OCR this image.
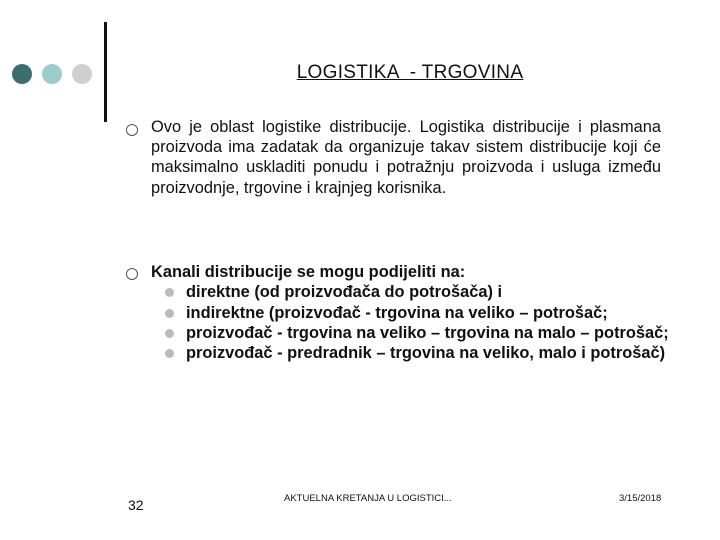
LOGISTIKA  - TRGOVINA
Ovo je oblast logistike distribucije. Logistika distribucije i plasmana proizvoda ima zadatak da organizuje takav sistem distribucije koji će maksimalno uskladiti ponudu i potražnju proizvoda i usluga između proizvodnje, trgovine i krajnjeg korisnika.
Kanali distribucije se mogu podijeliti na:
direktne (od proizvođača do potrošača) i
indirektne (proizvođač - trgovina na veliko – potrošač;
proizvođač - trgovina na veliko – trgovina na malo – potrošač;
proizvođač - predradnik – trgovina na veliko, malo i potrošač)
32	AKTUELNA KRETANJA U LOGISTICI...	3/15/2018
